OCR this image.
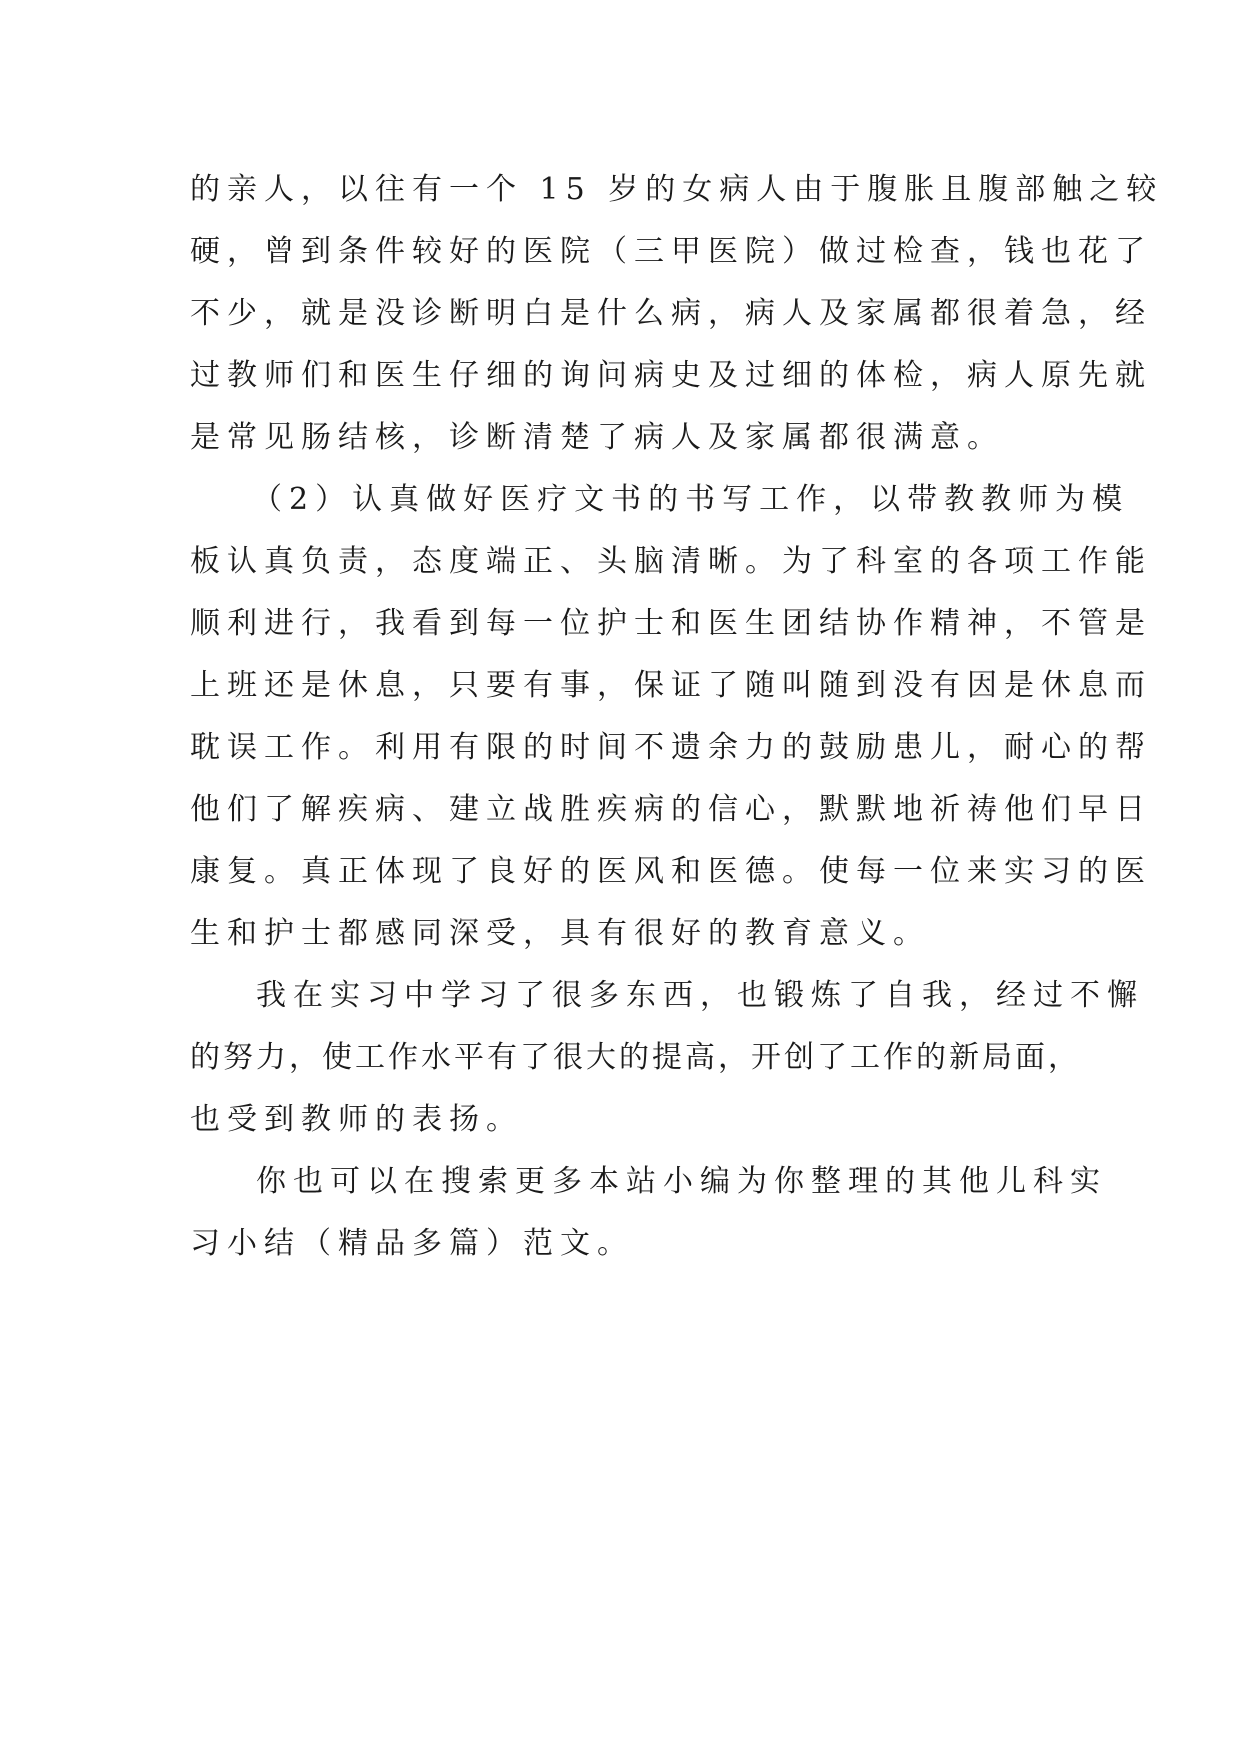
的亲人，以往有一个 15 岁的女病人由于腹胀且腹部触之较
硬，曾到条件较好的医院（三甲医院）做过检查，钱也花了
不少，就是没诊断明白是什么病，病人及家属都很着急，经
过教师们和医生仔细的询问病史及过细的体检，病人原先就
是常见肠结核，诊断清楚了病人及家属都很满意。
（2）认真做好医疗文书的书写工作，以带教教师为模
板认真负责，态度端正、头脑清晰。为了科室的各项工作能
顺利进行，我看到每一位护士和医生团结协作精神，不管是
上班还是休息，只要有事，保证了随叫随到没有因是休息而
耽误工作。利用有限的时间不遗余力的鼓励患儿，耐心的帮
他们了解疾病、建立战胜疾病的信心，默默地祈祷他们早日
康复。真正体现了良好的医风和医德。使每一位来实习的医
生和护士都感同深受，具有很好的教育意义。
我在实习中学习了很多东西，也锻炼了自我，经过不懈
的努力，使工作水平有了很大的提高，开创了工作的新局面，
也受到教师的表扬。
你也可以在搜索更多本站小编为你整理的其他儿科实
习小结（精品多篇）范文。
